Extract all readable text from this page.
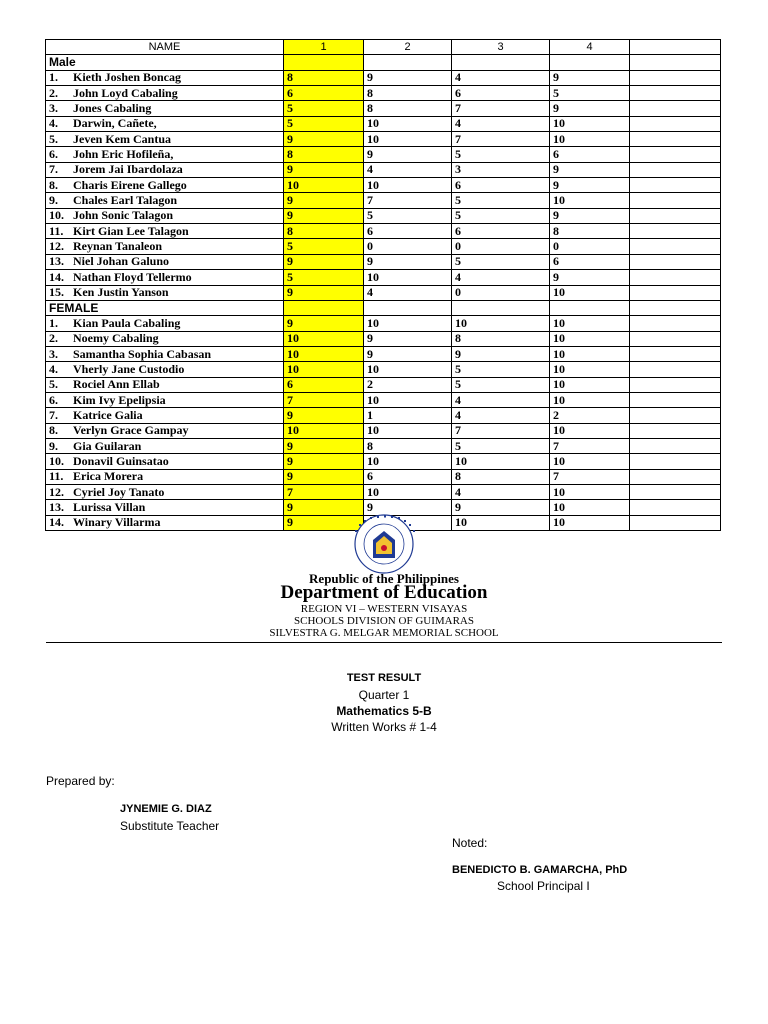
NAME	1	2	3	4	
Male					
1. Kieth Joshen Boncag	8	9	4	9	
2. John Loyd Cabaling	6	8	6	5	
3. Jones Cabaling	5	8	7	9	
4. Darwin, Cañete,	5	10	4	10	
5. Jeven Kem Cantua	9	10	7	10	
6. John Eric Hofileña,	8	9	5	6	
7. Jorem Jai Ibardolaza	9	4	3	9	
8. Charis Eirene Gallego	10	10	6	9	
9. Chales Earl Talagon	9	7	5	10	
10. John Sonic Talagon	9	5	5	9	
11. Kirt Gian Lee Talagon	8	6	6	8	
12. Reynan Tanaleon	5	0	0	0	
13. Niel Johan Galuno	9	9	5	6	
14. Nathan Floyd Tellermo	5	10	4	9	
15. Ken Justin Yanson	9	4	0	10	
FEMALE					
1. Kian Paula Cabaling	9	10	10	10	
2. Noemy Cabaling	10	9	8	10	
3. Samantha Sophia Cabasan	10	9	9	10	
4. Vherly Jane Custodio	10	10	5	10	
5. Rociel Ann Ellab	6	2	5	10	
6. Kim Ivy Epelipsia	7	10	4	10	
7. Katrice Galia	9	1	4	2	
8. Verlyn Grace Gampay	10	10	7	10	
9. Gia Guilaran	9	8	5	7	
10. Donavil Guinsatao	9	10	10	10	
11. Erica Morera	9	6	8	7	
12. Cyriel Joy Tanato	7	10	4	10	
13. Lurissa Villan	9	9	9	10	
14. Winary Villarma	9		10	10	
Republic of the Philippines
Department of Education
REGION VI – WESTERN VISAYAS
SCHOOLS DIVISION OF GUIMARAS
SILVESTRA G. MELGAR MEMORIAL SCHOOL
TEST RESULT
Quarter 1
Mathematics 5-B
Written Works # 1-4
Prepared by:
JYNEMIE G. DIAZ
Substitute Teacher
Noted:
BENEDICTO B. GAMARCHA, PhD
School Principal I
